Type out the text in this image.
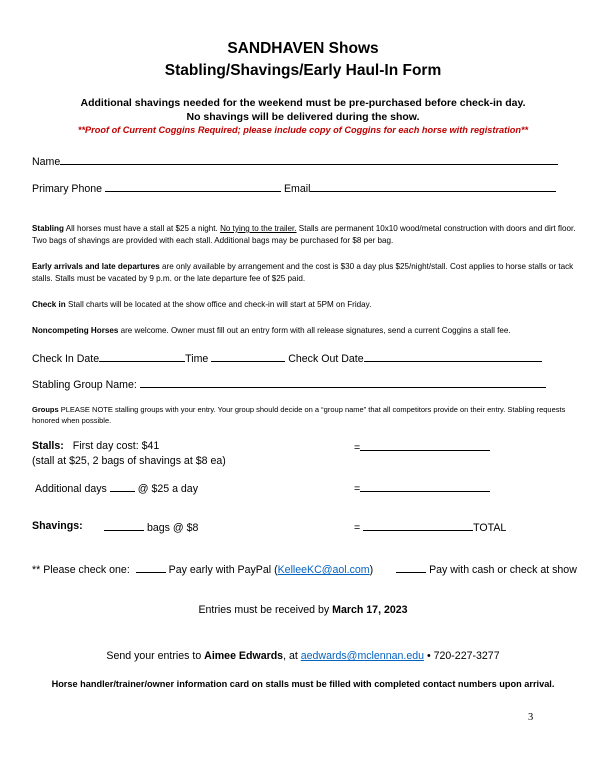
SANDHAVEN Shows
Stabling/Shavings/Early Haul-In Form
Additional shavings needed for the weekend must be pre-purchased before check-in day.
No shavings will be delivered during the show.
**Proof of Current Coggins Required; please include copy of Coggins for each horse with registration**
Name
Primary Phone	Email
Stabling All horses must have a stall at $25 a night. No tying to the trailer. Stalls are permanent 10x10 wood/metal construction with doors and dirt floor. Two bags of shavings are provided with each stall. Additional bags may be purchased for $8 per bag.
Early arrivals and late departures are only available by arrangement and the cost is $30 a day plus $25/night/stall. Cost applies to horse stalls or tack stalls. Stalls must be vacated by 9 p.m. or the late departure fee of $25 paid.
Check in Stall charts will be located at the show office and check-in will start at 5PM on Friday.
Noncompeting Horses are welcome. Owner must fill out an entry form with all release signatures, send a current Coggins a stall fee.
Check In Date	Time	Check Out Date
Stabling Group Name:
Groups PLEASE NOTE stalling groups with your entry. Your group should decide on a “group name” that all competitors provide on their entry. Stabling requests honored when possible.
Stalls: First day cost: $41	=
(stall at $25, 2 bags of shavings at $8 ea)
Additional days	@ $25 a day	=
Shavings:	bags @ $8	=	TOTAL
** Please check one:	Pay early with PayPal (KelleeKC@aol.com)	Pay with cash or check at show
Entries must be received by March 17, 2023
Send your entries to Aimee Edwards, at aedwards@mclennan.edu • 720-227-3277
Horse handler/trainer/owner information card on stalls must be filled with completed contact numbers upon arrival.
3
